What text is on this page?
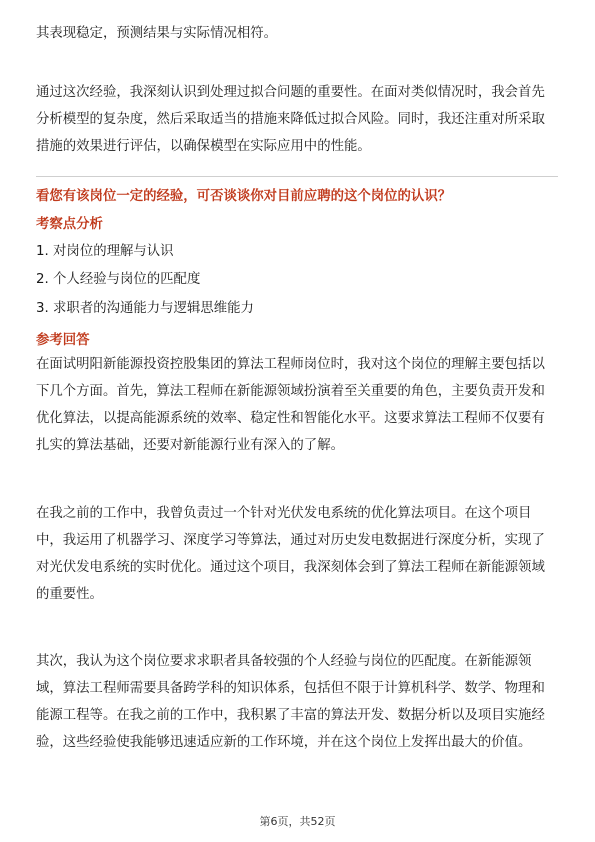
其表现稳定，预测结果与实际情况相符。

通过这次经验，我深刻认识到处理过拟合问题的重要性。在面对类似情况时，我会首先分析模型的复杂度，然后采取适当的措施来降低过拟合风险。同时，我还注重对所采取措施的效果进行评估，以确保模型在实际应用中的性能。

看您有该岗位一定的经验，可否谈谈你对目前应聘的这个岗位的认识？

考察点分析

1. 对岗位的理解与认识

2. 个人经验与岗位的匹配度

3. 求职者的沟通能力与逻辑思维能力

参考回答

在面试明阳新能源投资控股集团的算法工程师岗位时，我对这个岗位的理解主要包括以下几个方面。首先，算法工程师在新能源领域扮演着至关重要的角色，主要负责开发和优化算法，以提高能源系统的效率、稳定性和智能化水平。这要求算法工程师不仅要有扎实的算法基础，还要对新能源行业有深入的了解。

在我之前的工作中，我曾负责过一个针对光伏发电系统的优化算法项目。在这个项目中，我运用了机器学习、深度学习等算法，通过对历史发电数据进行深度分析，实现了对光伏发电系统的实时优化。通过这个项目，我深刻体会到了算法工程师在新能源领域的重要性。

其次，我认为这个岗位要求求职者具备较强的个人经验与岗位的匹配度。在新能源领域，算法工程师需要具备跨学科的知识体系，包括但不限于计算机科学、数学、物理和能源工程等。在我之前的工作中，我积累了丰富的算法开发、数据分析以及项目实施经验，这些经验使我能够迅速适应新的工作环境，并在这个岗位上发挥出最大的价值。

第6页，共52页
